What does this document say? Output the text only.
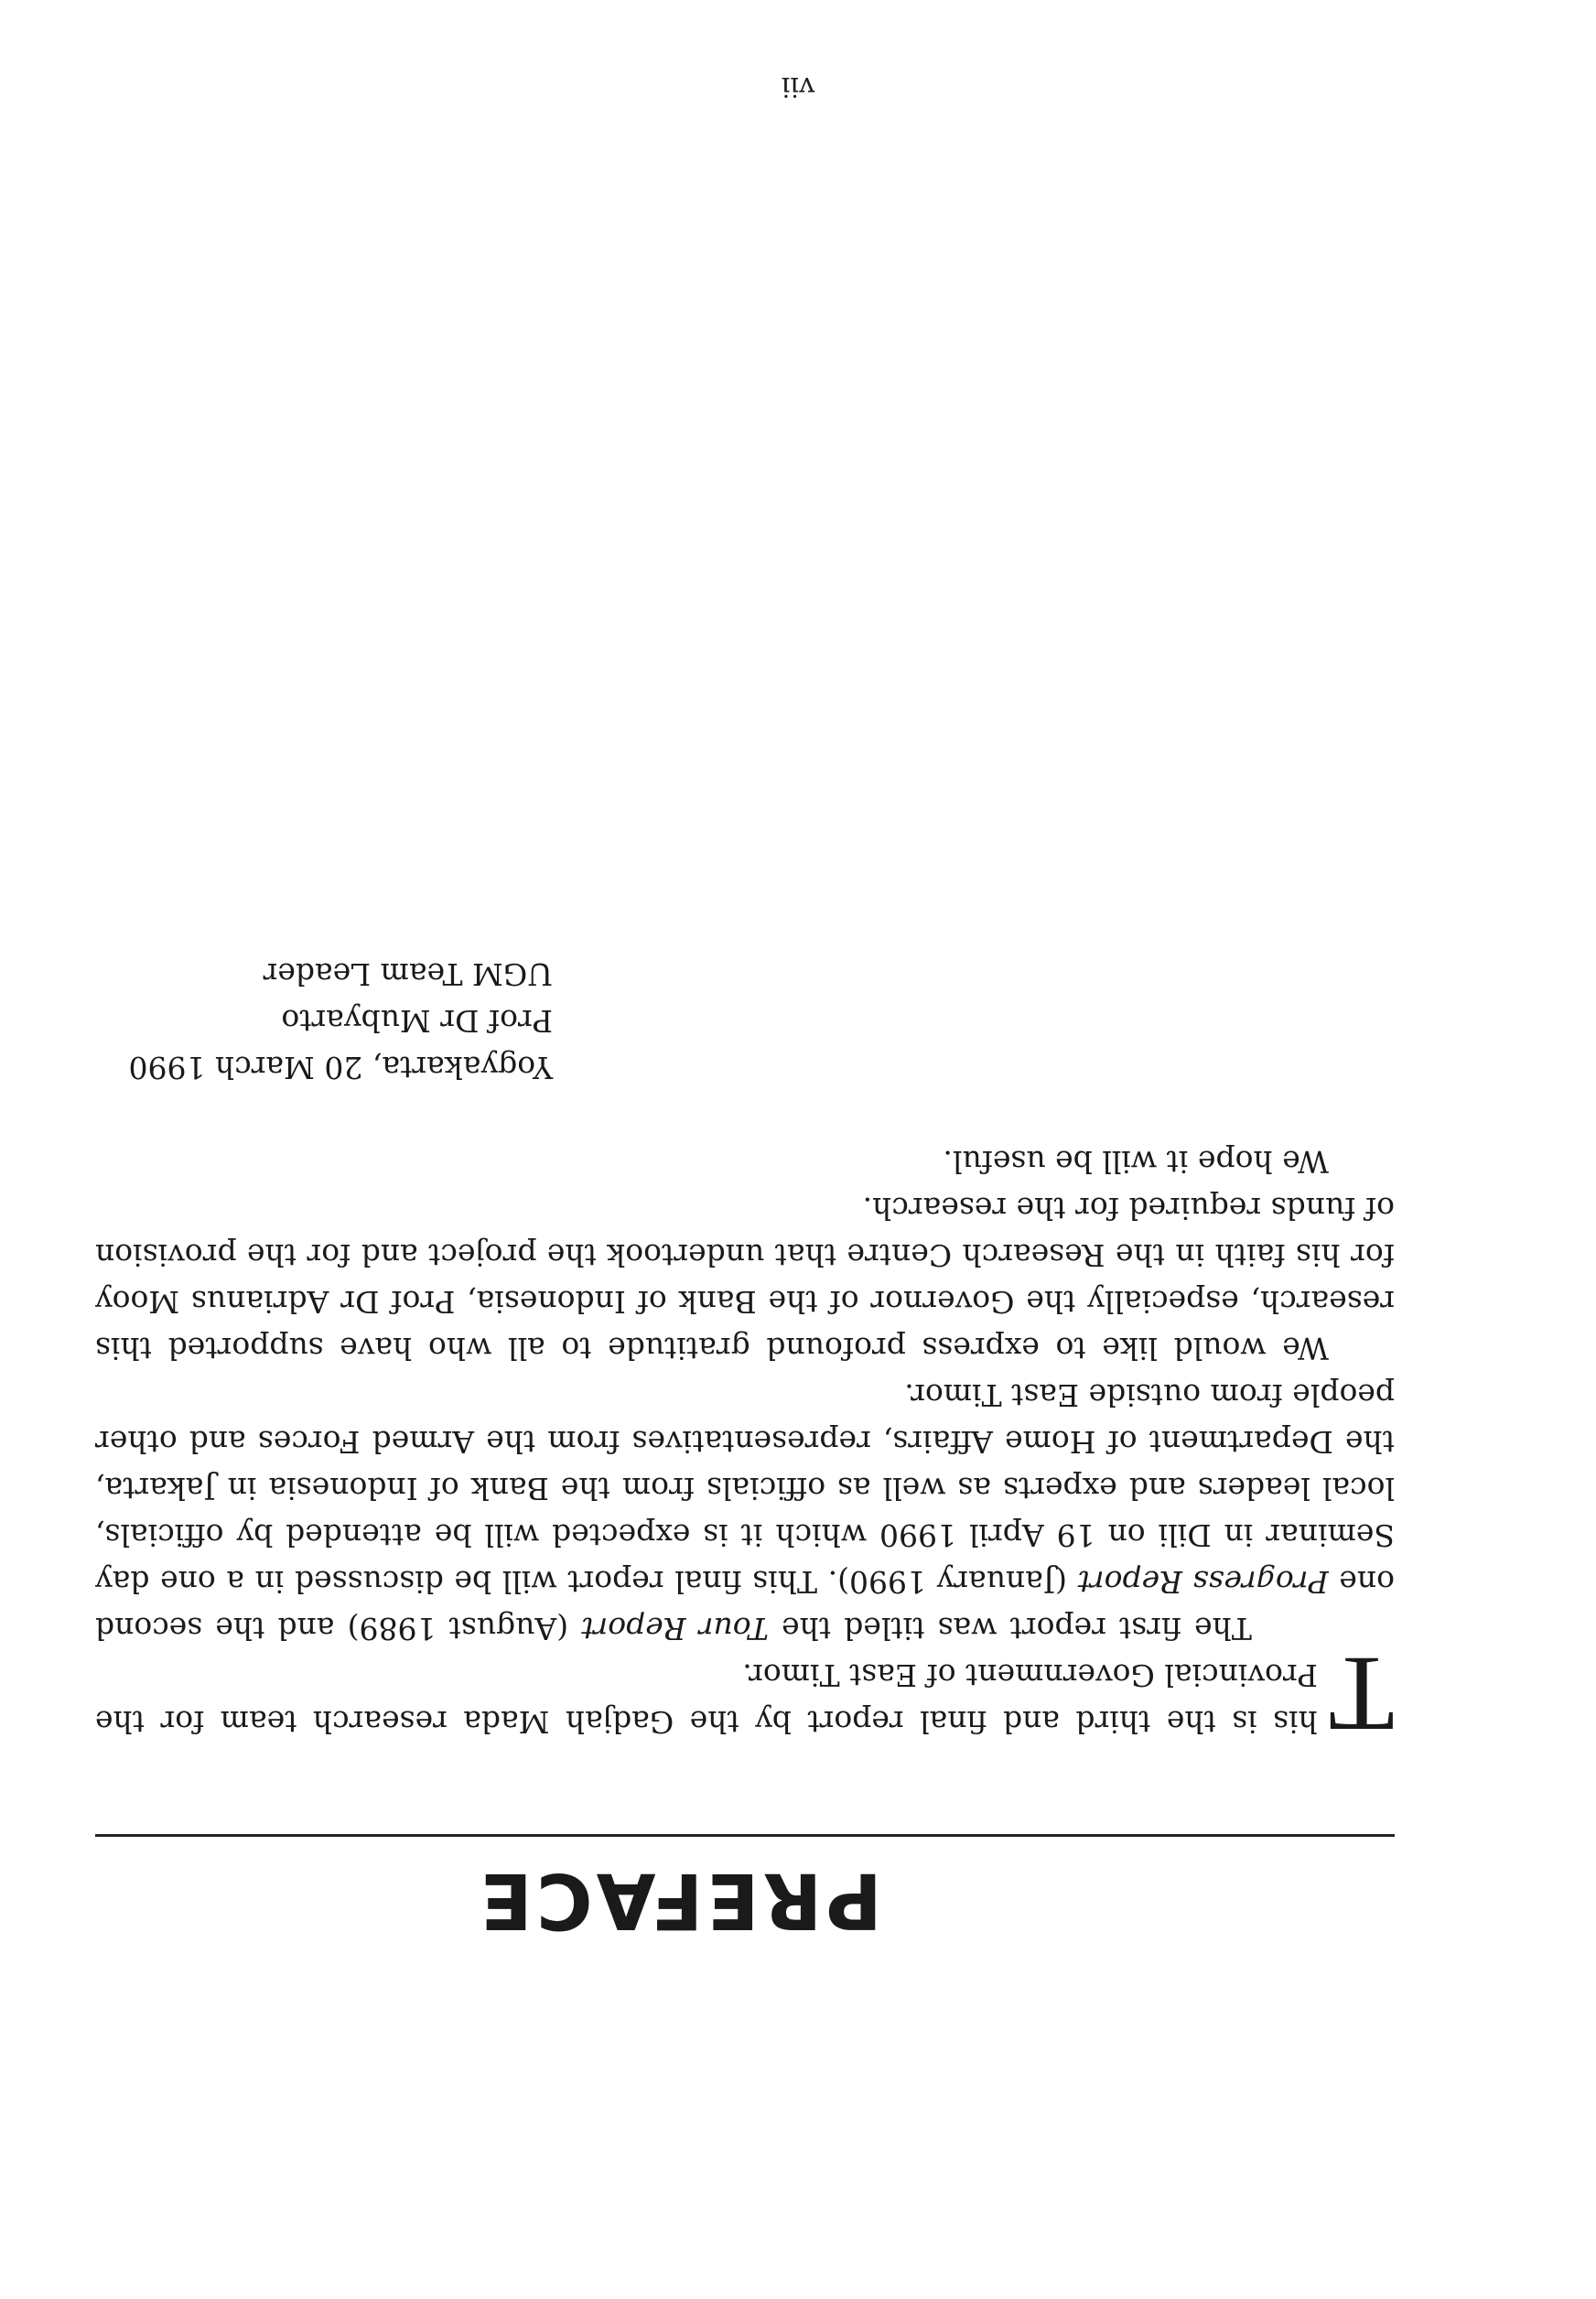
PREFACE

T
his is the third and final report by the Gadjah Mada research team for the Provincial Government of East Timor.

The first report was titled the Tour Report (August 1989) and the second one Progress Report (January 1990). This final report will be discussed in a one day Seminar in Dili on 19 April 1990 which it is expected will be attended by officials, local leaders and experts as well as officials from the Bank of Indonesia in Jakarta, the Department of Home Affairs, representatives from the Armed Forces and other people from outside East Timor.

We would like to express profound gratitude to all who have supported this research, especially the Governor of the Bank of Indonesia, Prof Dr Adrianus Mooy for his faith in the Research Centre that undertook the project and for the provision of funds required for the research.

We hope it will be useful.

Yogyakarta, 20 March 1990
Prof Dr Mubyarto
UGM Team Leader
vii
